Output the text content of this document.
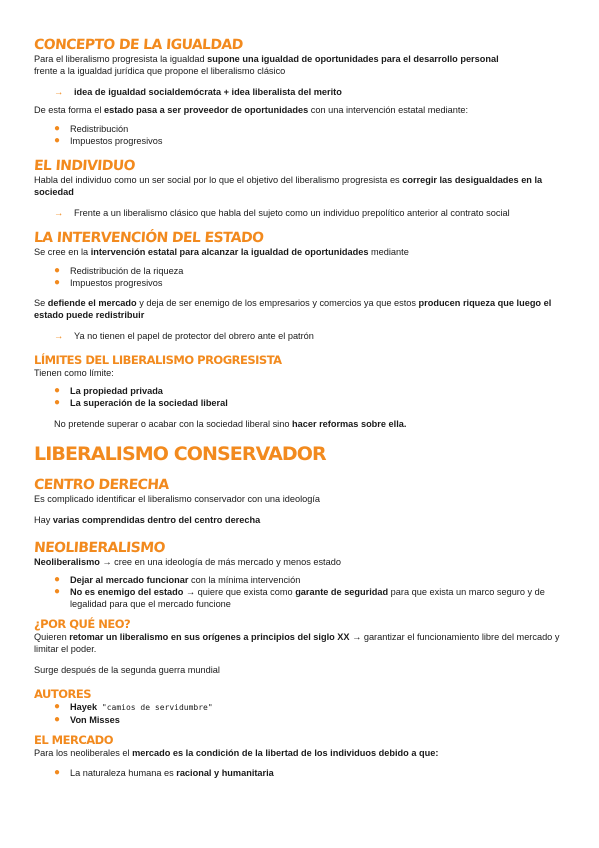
CONCEPTO DE LA IGUALDAD

Para el liberalismo progresista la igualdad supone una igualdad de oportunidades para el desarrollo personal
frente a la igualdad jurídica que propone el liberalismo clásico

→	idea de igualdad socialdemócrata + idea liberalista del merito

De esta forma el estado pasa a ser proveedor de oportunidades con una intervención estatal mediante:

●	Redistribución
●	Impuestos progresivos
EL INDIVIDUO

Habla del individuo como un ser social por lo que el objetivo del liberalismo progresista es corregir las desigualdades en la sociedad

→	Frente a un liberalismo clásico que habla del sujeto como un individuo prepolítico anterior al contrato social
LA INTERVENCIÓN DEL ESTADO

Se cree en la intervención estatal para alcanzar la igualdad de oportunidades mediante

●	Redistribución de la riqueza
●	Impuestos progresivos

Se defiende el mercado y deja de ser enemigo de los empresarios y comercios ya que estos producen riqueza que luego el estado puede redistribuir

→	Ya no tienen el papel de protector del obrero ante el patrón
LÍMITES DEL LIBERALISMO PROGRESISTA

Tienen como límite:

●	La propiedad privada
●	La superación de la sociedad liberal

No pretende superar o acabar con la sociedad liberal sino hacer reformas sobre ella.

LIBERALISMO CONSERVADOR
CENTRO DERECHA

Es complicado identificar el liberalismo conservador con una ideología

Hay varias comprendidas dentro del centro derecha

NEOLIBERALISMO

Neoliberalismo → cree en una ideología de más mercado y menos estado

●	Dejar al mercado funcionar con la mínima intervención
●	No es enemigo del estado → quiere que exista como garante de seguridad para que exista un marco seguro y de legalidad para que el mercado funcione
¿POR QUÉ NEO?

Quieren retomar un liberalismo en sus orígenes a principios del siglo XX → garantizar el funcionamiento libre del mercado y limitar el poder.

Surge después de la segunda guerra mundial

AUTORES
●	Hayek "camios de servidumbre"
●	Von Misses
EL MERCADO

Para los neoliberales el mercado es la condición de la libertad de los individuos debido a que:

●	La naturaleza humana es racional y humanitaria
